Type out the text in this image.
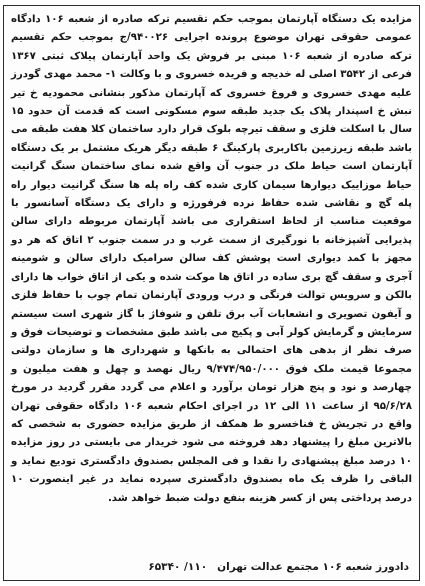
مزایده یک دستگاه آپارتمان بموجب حکم تقسیم ترکه صادره از شعبه ۱۰۶ دادگاه عمومی حقوقی تهران موضوع پرونده اجرایی ۹۴۰۰۲۶/ج بموجب حکم تقسیم ترکه صادره از شعبه ۱۰۶ مبنی بر فروش یک واحد آپارتمان پیلاک ثبتی ۱۳۶۷ فرعی از ۳۵۴۲ اصلی له خدیجه و فریده خسروی و با وکالت ۱- محمد مهدی گودرز علیه مهدی خسروی و فروغ خسروی که آپارتمان مذکور بنشانی محمودیه خ تیر نبش خ اسپندار پلاک یک جدید طبقه سوم مسکونی است که قدمت آن حدود ۱۵ سال با اسکلت فلزی و سقف تیرچه بلوک قرار دارد ساختمان کلا هفت طبقه می باشد طبقه زیرزمین باکاربری پارکینگ ۶ طبقه دیگر هریک مشتمل بر یک دستگاه آپارتمان است حیاط ملک در جنوب آن واقع شده نمای ساختمان سنگ گرانیت حیاط موزاییک دیوارها سیمان کاری شده کف راه پله ها سنگ گرانیت دیوار راه پله گچ و نقاشی شده حفاظ نرده فرفورژه و دارای یک دستگاه آسانسور با موقعیت مناسب از لحاظ استقراری می باشد آپارتمان مربوطه دارای سالن پذیرایی آشپزخانه با نورگیری از سمت غرب و در سمت جنوب ۲ اتاق که هر دو مجهز با کمد دیواری است پوشش کف سالن سرامیک دارای سالن و شومینه آجری و سقف گچ بری ساده در اتاق ها موکت شده و یکی از اتاق خواب ها دارای بالکن و سرویس توالت فرنگی و درب ورودی آپارتمان تمام چوب با حفاظ فلزی و آیفون تصویری و انشعابات آب برق تلفن و شوفاژ با گاز شهری است سیستم سرمایش و گرمایش کولر آبی و پکیج می باشد طبق مشخصات و توضیحات فوق و صرف نظر از بدهی های احتمالی به بانکها و شهرداری ها و سازمان دولتی مجموعا قیمت ملک فوق ۹/۴۷۴/۹۵۰/۰۰۰ ریال نهصد و چهل و هفت میلیون و چهارصد و نود و پنج هزار تومان برآورد و اعلام می گردد مقرر گردید در مورخ ۹۵/۶/۲۸ از ساعت ۱۱ الی ۱۲ در اجرای احکام شعبه ۱۰۶ دادگاه حقوقی تهران واقع در تجریش خ فناخسرو ط همکف از طریق مزایده حضوری به شخصی که بالاترین مبلغ را پیشنهاد دهد فروخته می شود خریدار می بایستی در روز مزایده ۱۰ درصد مبلغ پیشنهادی را نقدا و فی المجلس بصندوق دادگستری تودیع نماید و الباقی را ظرف یک ماه بصندوق دادگستری سپرده نماید در غیر اینصورت ۱۰ درصد پرداختی پس از کسر هزینه بنفع دولت ضبط خواهد شد.

دادورز شعبه ۱۰۶ مجتمع عدالت تهران
۱۱۰/ ۶۵۳۴۰
